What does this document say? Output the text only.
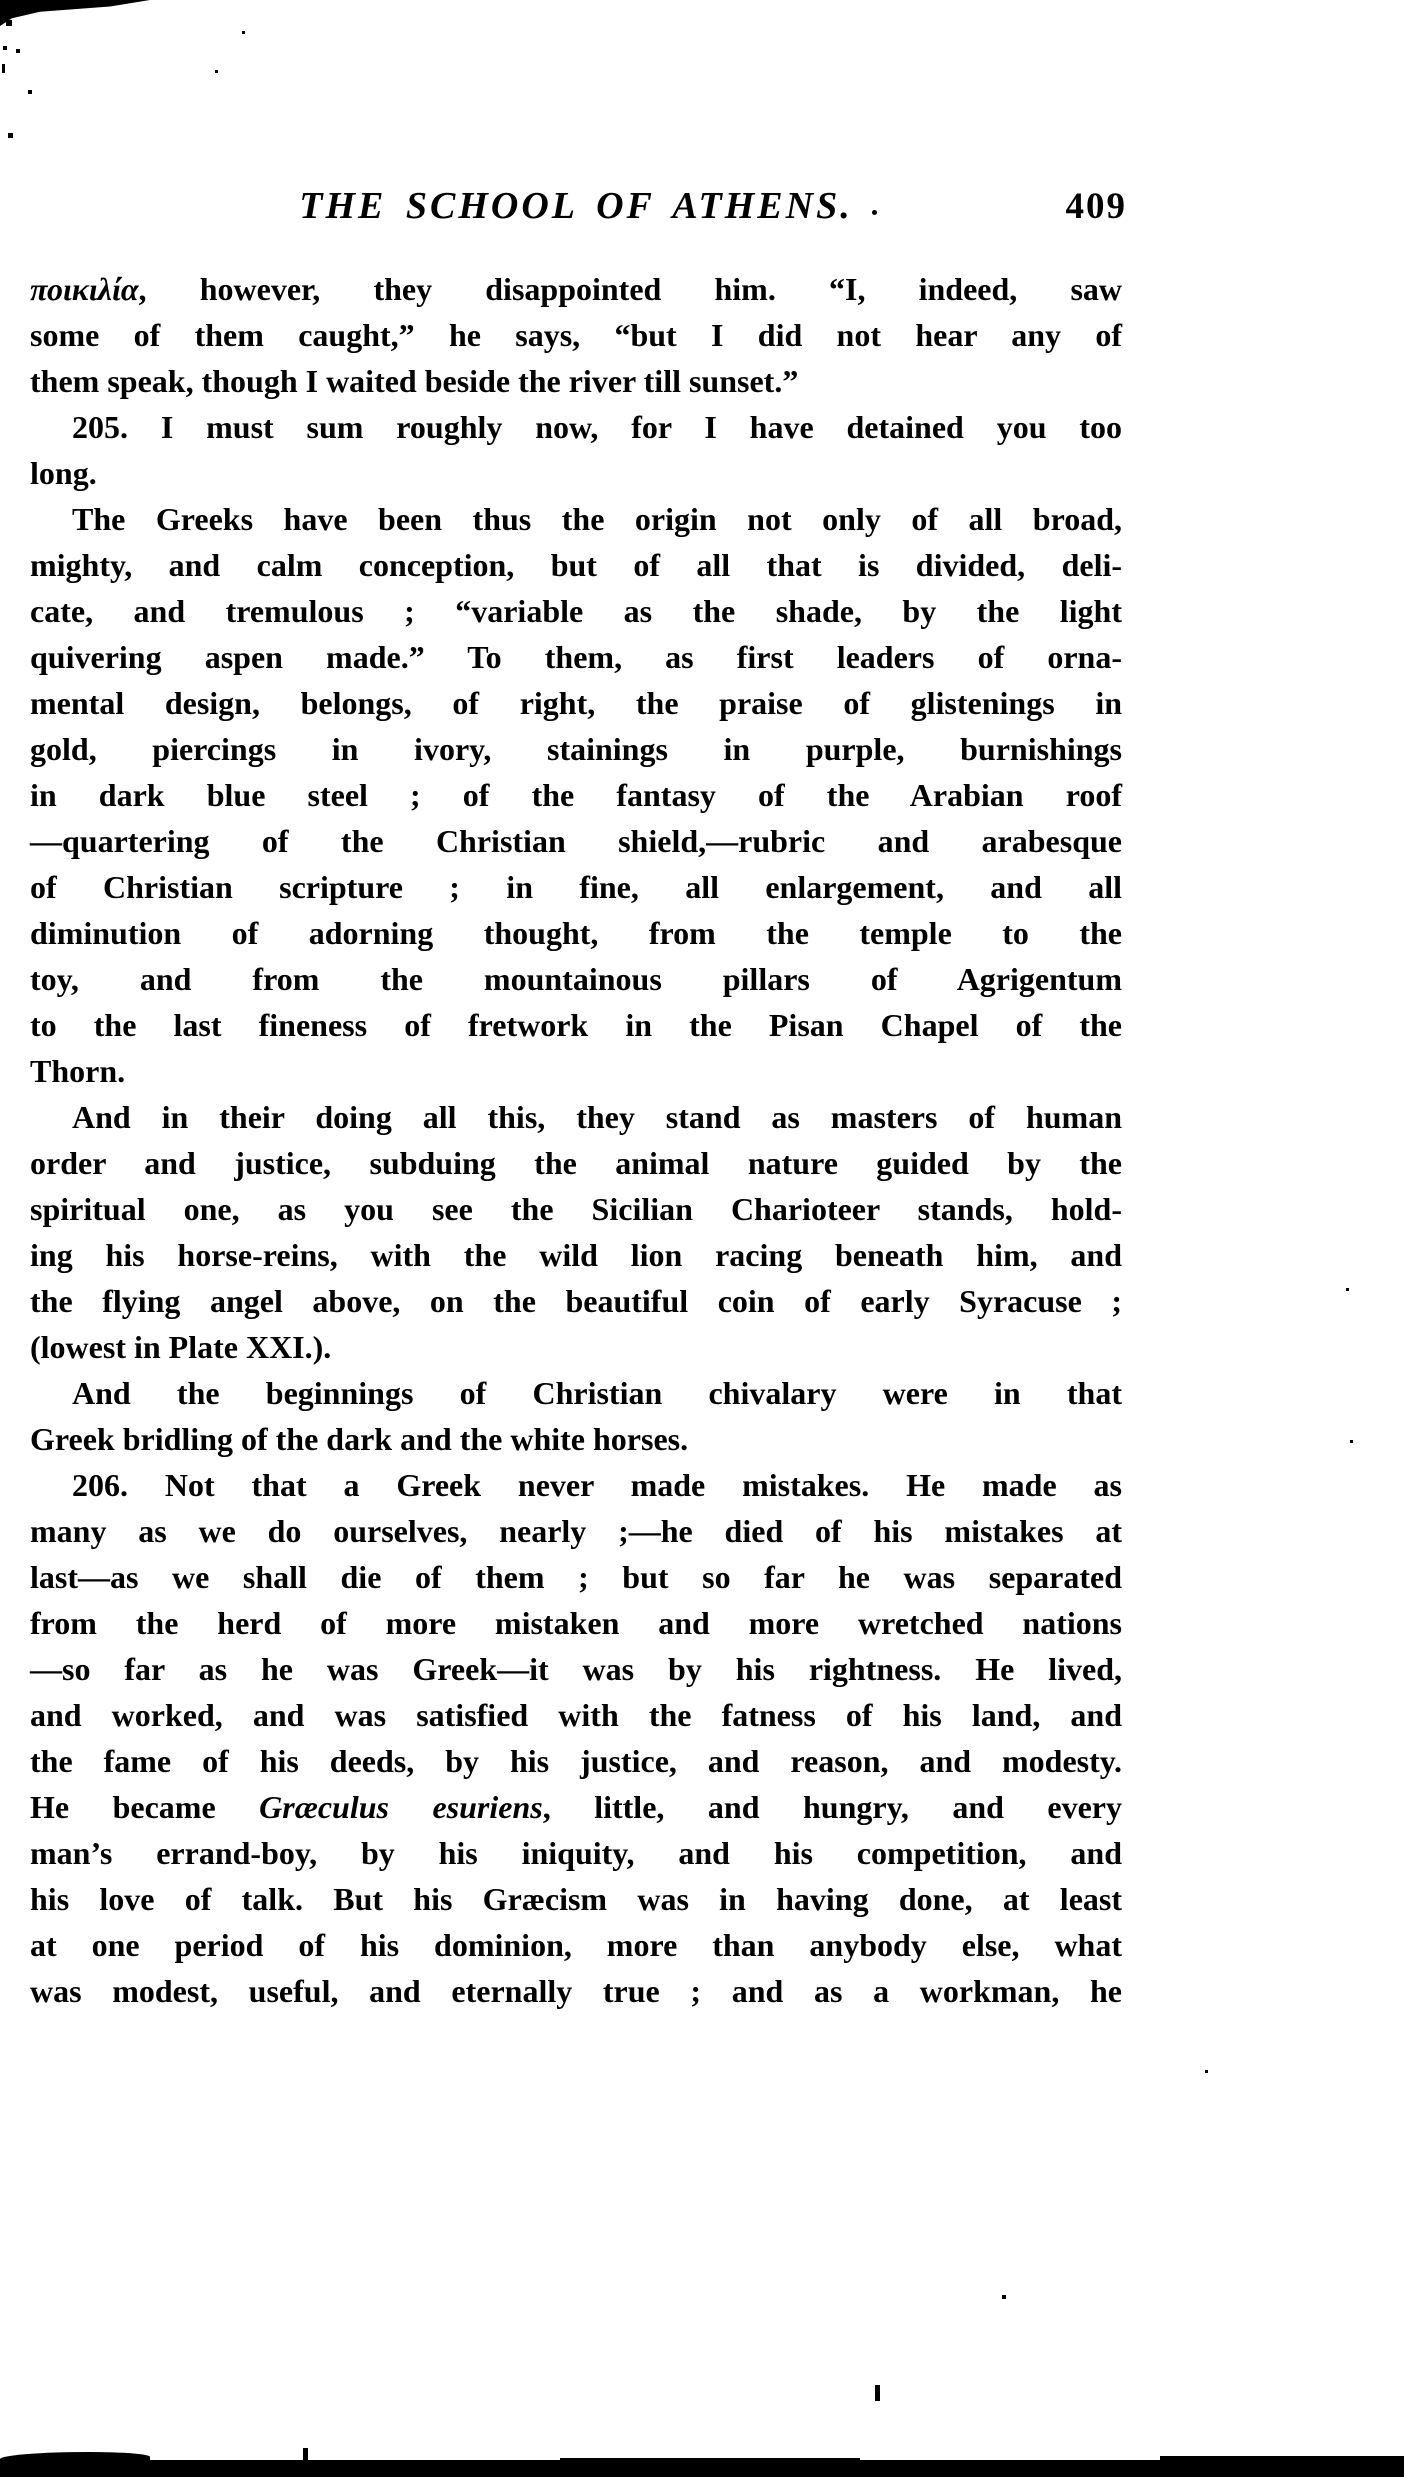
THE SCHOOL OF ATHENS.	409
ποικιλία, however, they disappointed him. “I, indeed, saw
some of them caught,” he says, “but I did not hear any of
them speak, though I waited beside the river till sunset.”
205. I must sum roughly now, for I have detained you too
long.
The Greeks have been thus the origin not only of all broad,
mighty, and calm conception, but of all that is divided, deli-
cate, and tremulous ; “variable as the shade, by the light
quivering aspen made.” To them, as first leaders of orna-
mental design, belongs, of right, the praise of glistenings in
gold, piercings in ivory, stainings in purple, burnishings
in dark blue steel ; of the fantasy of the Arabian roof
—quartering of the Christian shield,—rubric and arabesque
of Christian scripture ; in fine, all enlargement, and all
diminution of adorning thought, from the temple to the
toy, and from the mountainous pillars of Agrigentum
to the last fineness of fretwork in the Pisan Chapel of the
Thorn.
And in their doing all this, they stand as masters of human
order and justice, subduing the animal nature guided by the
spiritual one, as you see the Sicilian Charioteer stands, hold-
ing his horse-reins, with the wild lion racing beneath him, and
the flying angel above, on the beautiful coin of early Syracuse ;
(lowest in Plate XXI.).
And the beginnings of Christian chivalary were in that
Greek bridling of the dark and the white horses.
206. Not that a Greek never made mistakes. He made as
many as we do ourselves, nearly ;—he died of his mistakes at
last—as we shall die of them ; but so far he was separated
from the herd of more mistaken and more wretched nations
—so far as he was Greek—it was by his rightness. He lived,
and worked, and was satisfied with the fatness of his land, and
the fame of his deeds, by his justice, and reason, and modesty.
He became Græculus esuriens, little, and hungry, and every
man’s errand-boy, by his iniquity, and his competition, and
his love of talk. But his Græcism was in having done, at least
at one period of his dominion, more than anybody else, what
was modest, useful, and eternally true ; and as a workman, he
